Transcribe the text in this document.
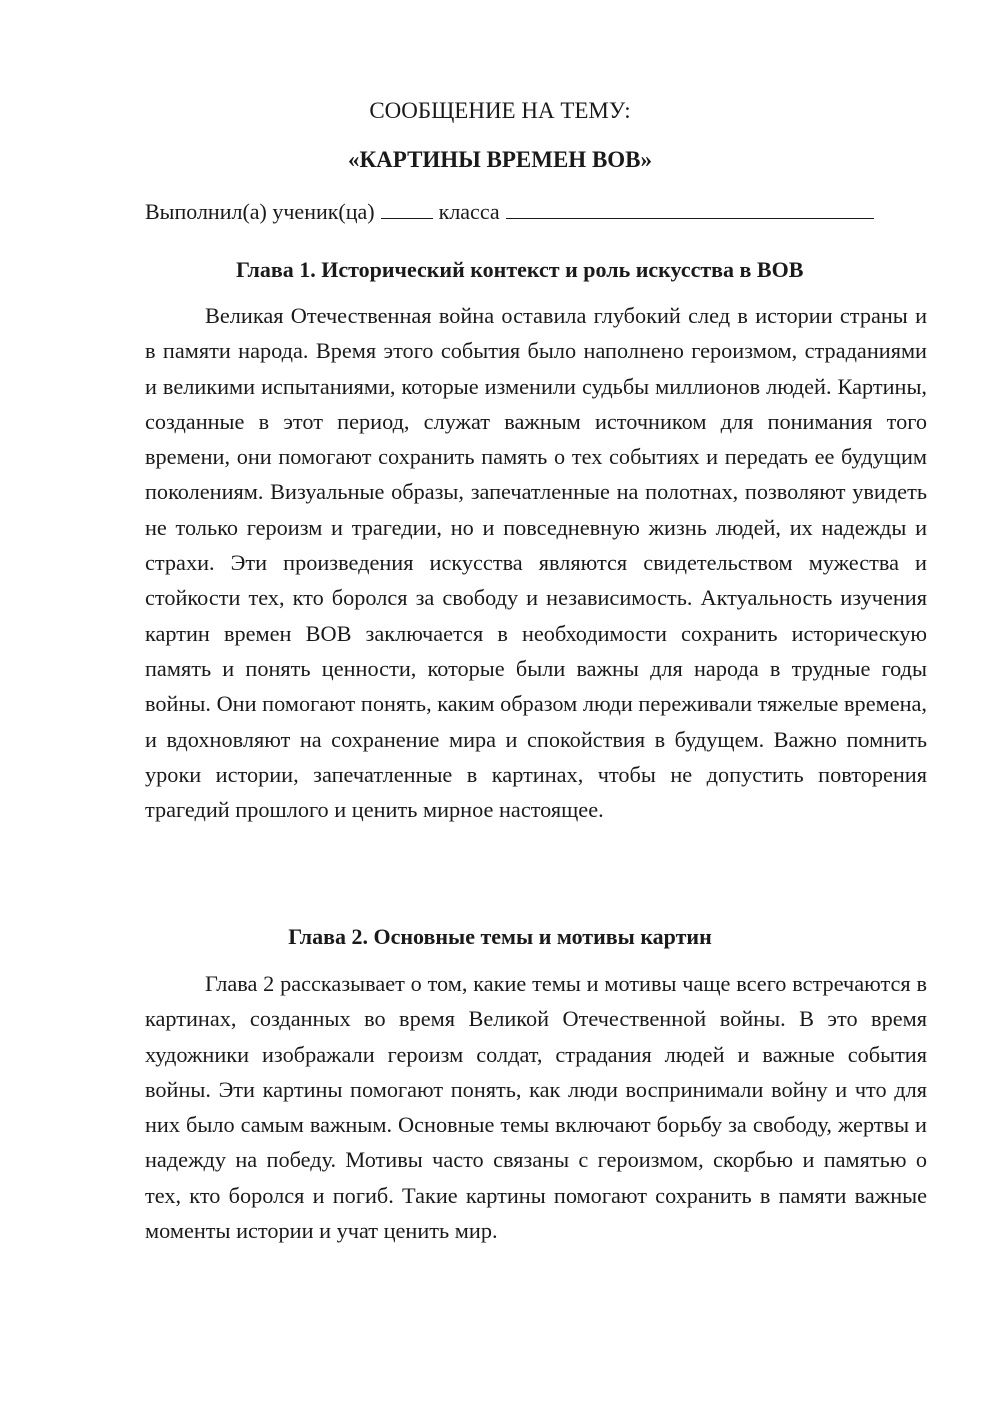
СООБЩЕНИЕ НА ТЕМУ:
«КАРТИНЫ ВРЕМЕН ВОВ»
Выполнил(а) ученик(ца)	класса
Глава 1. Исторический контекст и роль искусства в ВОВ

Великая Отечественная война оставила глубокий след в истории страны и в памяти народа. Время этого события было наполнено героизмом, страданиями и великими испытаниями, которые изменили судьбы миллионов людей. Картины, созданные в этот период, служат важным источником для понимания того времени, они помогают сохранить память о тех событиях и передать ее будущим поколениям. Визуальные образы, запечатленные на полотнах, позволяют увидеть не только героизм и трагедии, но и повседневную жизнь людей, их надежды и страхи. Эти произведения искусства являются свидетельством мужества и стойкости тех, кто боролся за свободу и независимость. Актуальность изучения картин времен ВОВ заключается в необходимости сохранить историческую память и понять ценности, которые были важны для народа в трудные годы войны. Они помогают понять, каким образом люди переживали тяжелые времена, и вдохновляют на сохранение мира и спокойствия в будущем. Важно помнить уроки истории, запечатленные в картинах, чтобы не допустить повторения трагедий прошлого и ценить мирное настоящее.

Глава 2. Основные темы и мотивы картин

Глава 2 рассказывает о том, какие темы и мотивы чаще всего встречаются в картинах, созданных во время Великой Отечественной войны. В это время художники изображали героизм солдат, страдания людей и важные события войны. Эти картины помогают понять, как люди воспринимали войну и что для них было самым важным. Основные темы включают борьбу за свободу, жертвы и надежду на победу. Мотивы часто связаны с героизмом, скорбью и памятью о тех, кто боролся и погиб. Такие картины помогают сохранить в памяти важные моменты истории и учат ценить мир.
